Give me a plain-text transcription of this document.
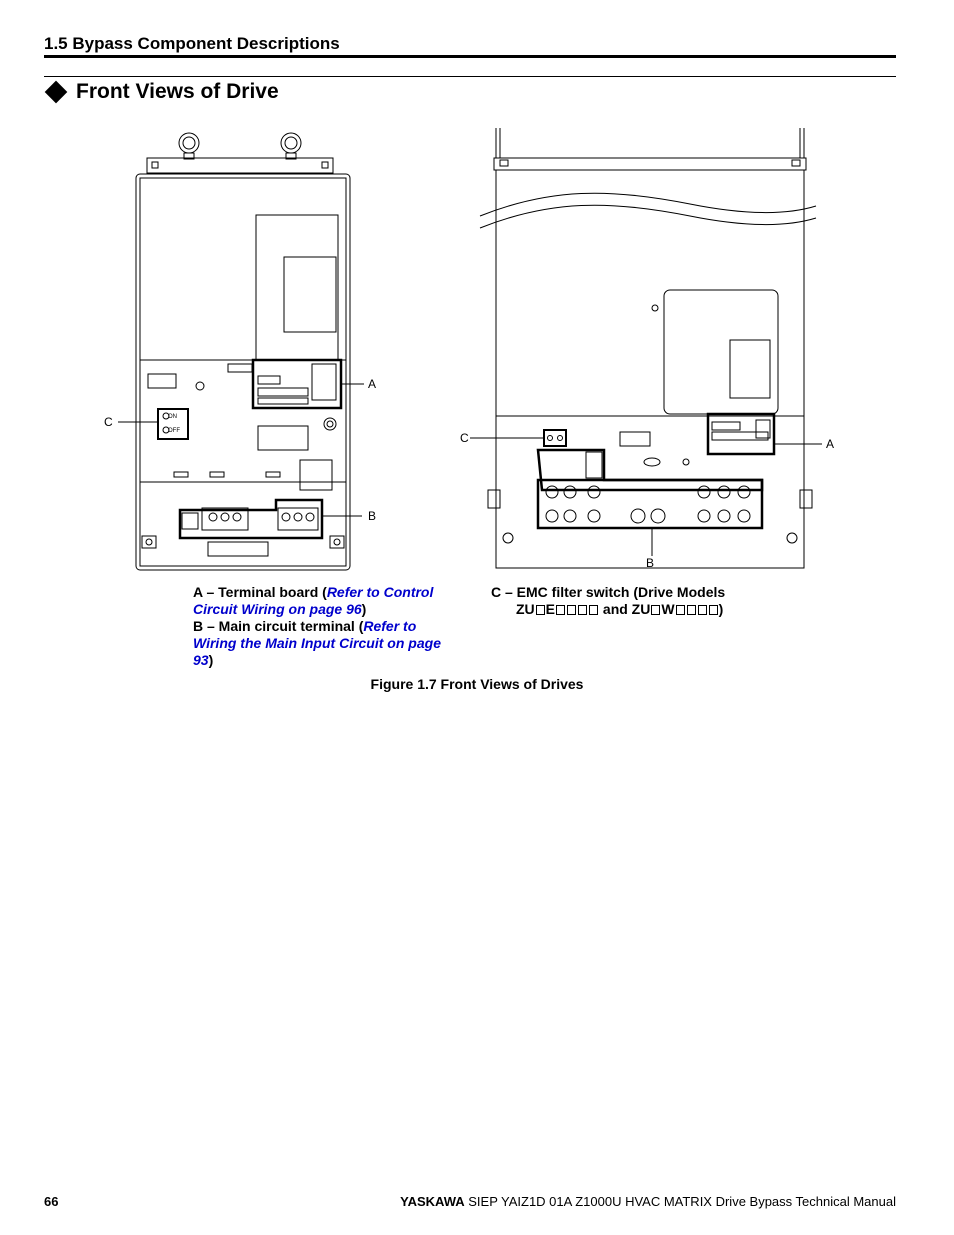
1.5 Bypass Component Descriptions
Front Views of Drive
ON
OFF
A
C
B
A
C
B
A – Terminal board (Refer to Control Circuit Wiring on page 96)
B – Main circuit terminal (Refer to Wiring the Main Input Circuit on page 93)
C – EMC filter switch (Drive Models
ZU E	and ZU W	)
Figure 1.7 Front Views of Drives
66	YASKAWA SIEP YAIZ1D 01A Z1000U HVAC MATRIX Drive Bypass Technical Manual
